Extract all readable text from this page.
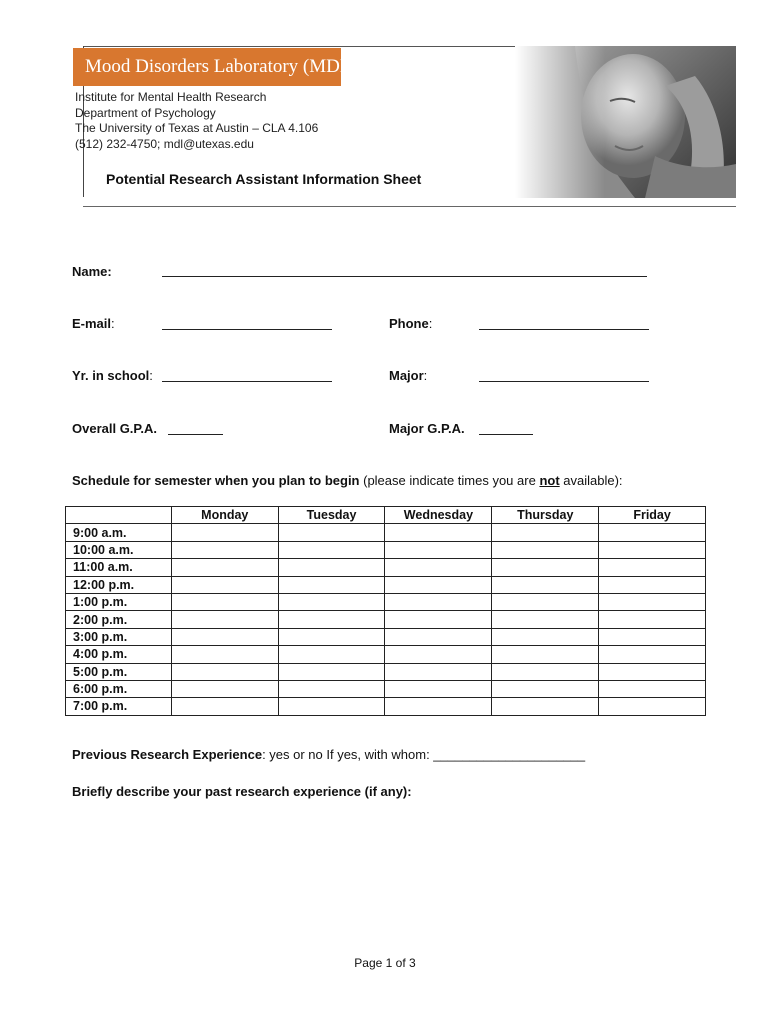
Mood Disorders Laboratory (MDL)
Institute for Mental Health Research
Department of Psychology
The University of Texas at Austin – CLA 4.106
(512) 232-4750; mdl@utexas.edu
Potential Research Assistant Information Sheet
Name:
E-mail:	Phone:
Yr. in school:	Major:
Overall G.P.A.	Major G.P.A.
Schedule for semester when you plan to begin (please indicate times you are not available):
	Monday	Tuesday	Wednesday	Thursday	Friday
9:00 a.m.					
10:00 a.m.					
11:00 a.m.					
12:00 p.m.					
1:00 p.m.					
2:00 p.m.					
3:00 p.m.					
4:00 p.m.					
5:00 p.m.					
6:00 p.m.					
7:00 p.m.					
Previous Research Experience: yes or no If yes, with whom: _____________________
Briefly describe your past research experience (if any):
Page 1 of 3
